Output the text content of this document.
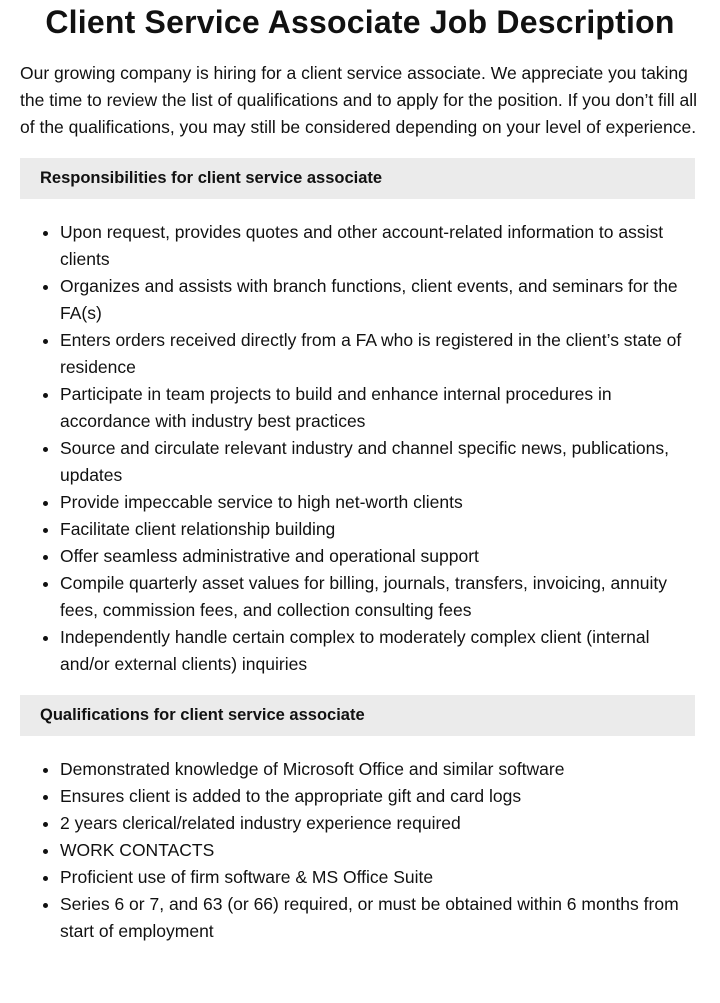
Client Service Associate Job Description

Our growing company is hiring for a client service associate. We appreciate you taking the time to review the list of qualifications and to apply for the position. If you don’t fill all of the qualifications, you may still be considered depending on your level of experience.

Responsibilities for client service associate
• Upon request, provides quotes and other account-related information to assist clients
• Organizes and assists with branch functions, client events, and seminars for the FA(s)
• Enters orders received directly from a FA who is registered in the client’s state of residence
• Participate in team projects to build and enhance internal procedures in accordance with industry best practices
• Source and circulate relevant industry and channel specific news, publications, updates
• Provide impeccable service to high net-worth clients
• Facilitate client relationship building
• Offer seamless administrative and operational support
• Compile quarterly asset values for billing, journals, transfers, invoicing, annuity fees, commission fees, and collection consulting fees
• Independently handle certain complex to moderately complex client (internal and/or external clients) inquiries
Qualifications for client service associate
• Demonstrated knowledge of Microsoft Office and similar software
• Ensures client is added to the appropriate gift and card logs
• 2 years clerical/related industry experience required
• WORK CONTACTS
• Proficient use of firm software & MS Office Suite
• Series 6 or 7, and 63 (or 66) required, or must be obtained within 6 months from start of employment
